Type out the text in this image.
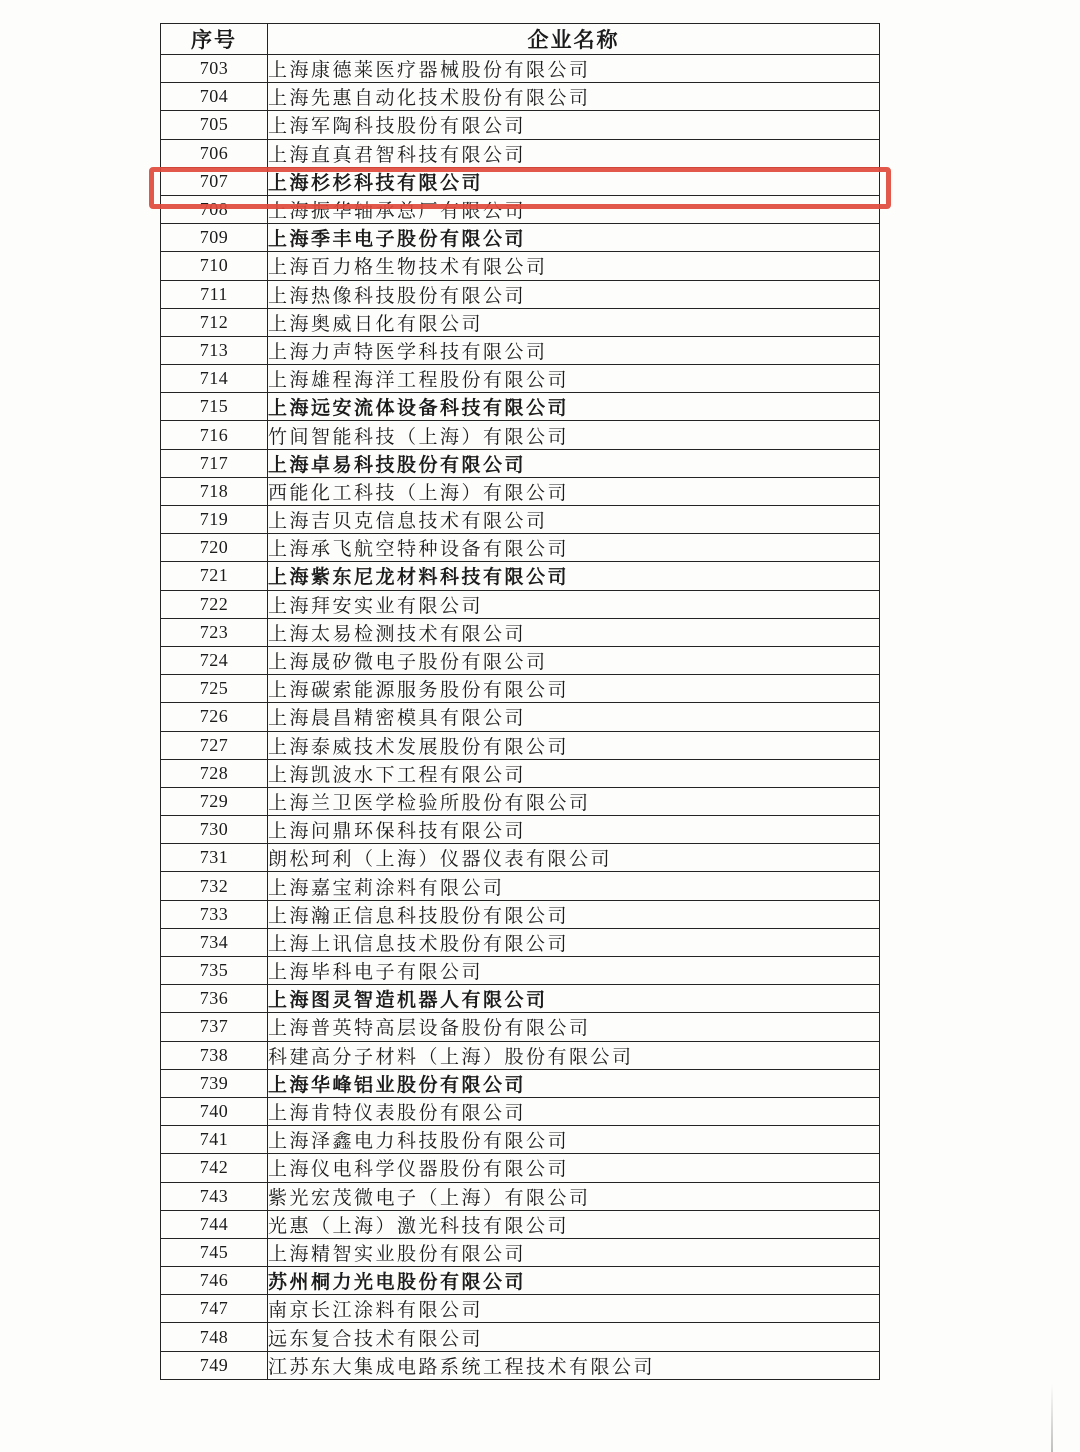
序号	企业名称
703	上海康德莱医疗器械股份有限公司
704	上海先惠自动化技术股份有限公司
705	上海军陶科技股份有限公司
706	上海直真君智科技有限公司
707	上海杉杉科技有限公司
708	上海振华轴承总厂有限公司
709	上海季丰电子股份有限公司
710	上海百力格生物技术有限公司
711	上海热像科技股份有限公司
712	上海奥威日化有限公司
713	上海力声特医学科技有限公司
714	上海雄程海洋工程股份有限公司
715	上海远安流体设备科技有限公司
716	竹间智能科技（上海）有限公司
717	上海卓易科技股份有限公司
718	西能化工科技（上海）有限公司
719	上海吉贝克信息技术有限公司
720	上海承飞航空特种设备有限公司
721	上海紫东尼龙材料科技有限公司
722	上海拜安实业有限公司
723	上海太易检测技术有限公司
724	上海晟矽微电子股份有限公司
725	上海碳索能源服务股份有限公司
726	上海晨昌精密模具有限公司
727	上海泰威技术发展股份有限公司
728	上海凯波水下工程有限公司
729	上海兰卫医学检验所股份有限公司
730	上海问鼎环保科技有限公司
731	朗松珂利（上海）仪器仪表有限公司
732	上海嘉宝莉涂料有限公司
733	上海瀚正信息科技股份有限公司
734	上海上讯信息技术股份有限公司
735	上海毕科电子有限公司
736	上海图灵智造机器人有限公司
737	上海普英特高层设备股份有限公司
738	科建高分子材料（上海）股份有限公司
739	上海华峰铝业股份有限公司
740	上海肯特仪表股份有限公司
741	上海泽鑫电力科技股份有限公司
742	上海仪电科学仪器股份有限公司
743	紫光宏茂微电子（上海）有限公司
744	光惠（上海）激光科技有限公司
745	上海精智实业股份有限公司
746	苏州桐力光电股份有限公司
747	南京长江涂料有限公司
748	远东复合技术有限公司
749	江苏东大集成电路系统工程技术有限公司
